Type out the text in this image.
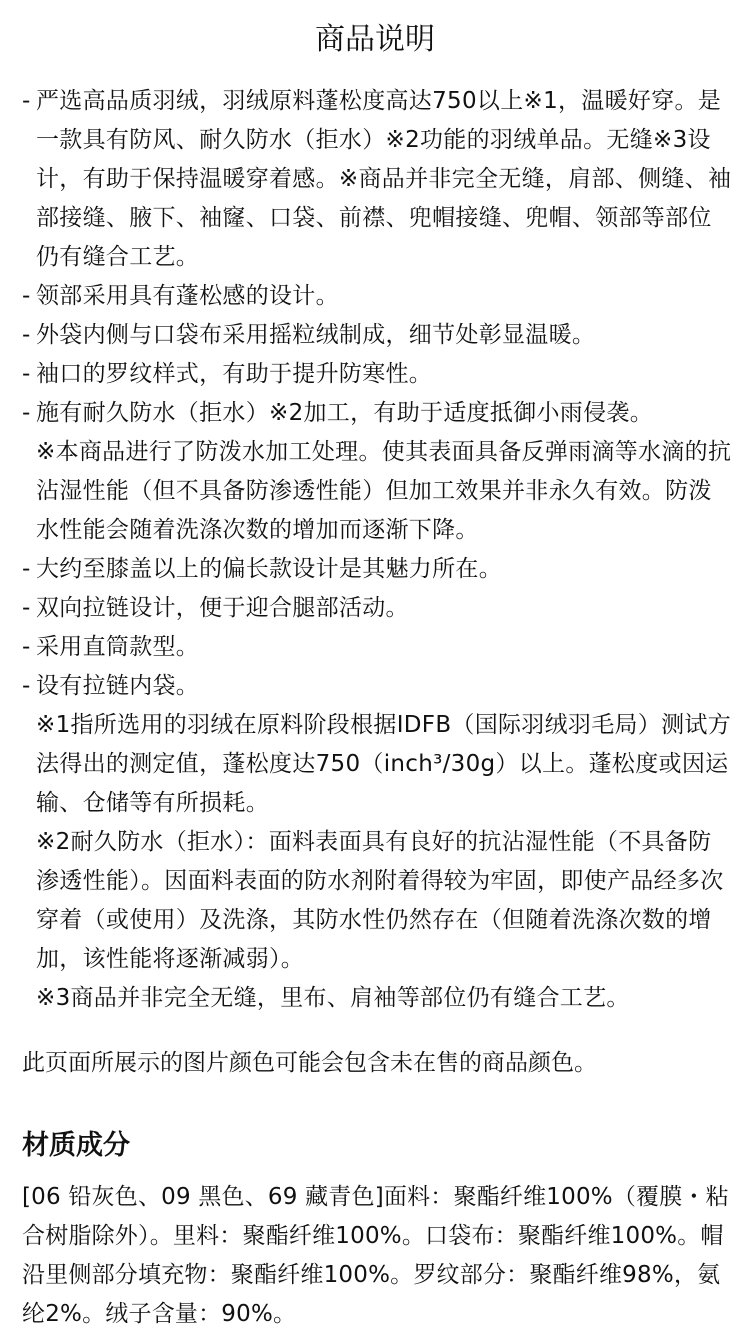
商品说明
- 严选高品质羽绒，羽绒原料蓬松度高达750以上※1，温暖好穿。是一款具有防风、耐久防水（拒水）※2功能的羽绒单品。无缝※3设计，有助于保持温暖穿着感。※商品并非完全无缝，肩部、侧缝、袖部接缝、腋下、袖窿、口袋、前襟、兜帽接缝、兜帽、领部等部位仍有缝合工艺。
- 领部采用具有蓬松感的设计。
- 外袋内侧与口袋布采用摇粒绒制成，细节处彰显温暖。
- 袖口的罗纹样式，有助于提升防寒性。
- 施有耐久防水（拒水）※2加工，有助于适度抵御小雨侵袭。
※本商品进行了防泼水加工处理。使其表面具备反弹雨滴等水滴的抗沾湿性能（但不具备防渗透性能）但加工效果并非永久有效。防泼水性能会随着洗涤次数的增加而逐渐下降。
- 大约至膝盖以上的偏长款设计是其魅力所在。
- 双向拉链设计，便于迎合腿部活动。
- 采用直筒款型。
- 设有拉链内袋。
※1指所选用的羽绒在原料阶段根据IDFB（国际羽绒羽毛局）测试方法得出的测定值，蓬松度达750（inch³/30g）以上。蓬松度或因运输、仓储等有所损耗。
※2耐久防水（拒水）：面料表面具有良好的抗沾湿性能（不具备防渗透性能）。因面料表面的防水剂附着得较为牢固，即使产品经多次穿着（或使用）及洗涤，其防水性仍然存在（但随着洗涤次数的增加，该性能将逐渐减弱）。
※3商品并非完全无缝，里布、肩袖等部位仍有缝合工艺。

此页面所展示的图片颜色可能会包含未在售的商品颜色。

材质成分

[06 铅灰色、09 黑色、69 藏青色]面料：聚酯纤维100%（覆膜・粘合树脂除外）。里料：聚酯纤维100%。口袋布：聚酯纤维100%。帽沿里侧部分填充物：聚酯纤维100%。罗纹部分：聚酯纤维98%，氨纶2%。绒子含量：90%。
